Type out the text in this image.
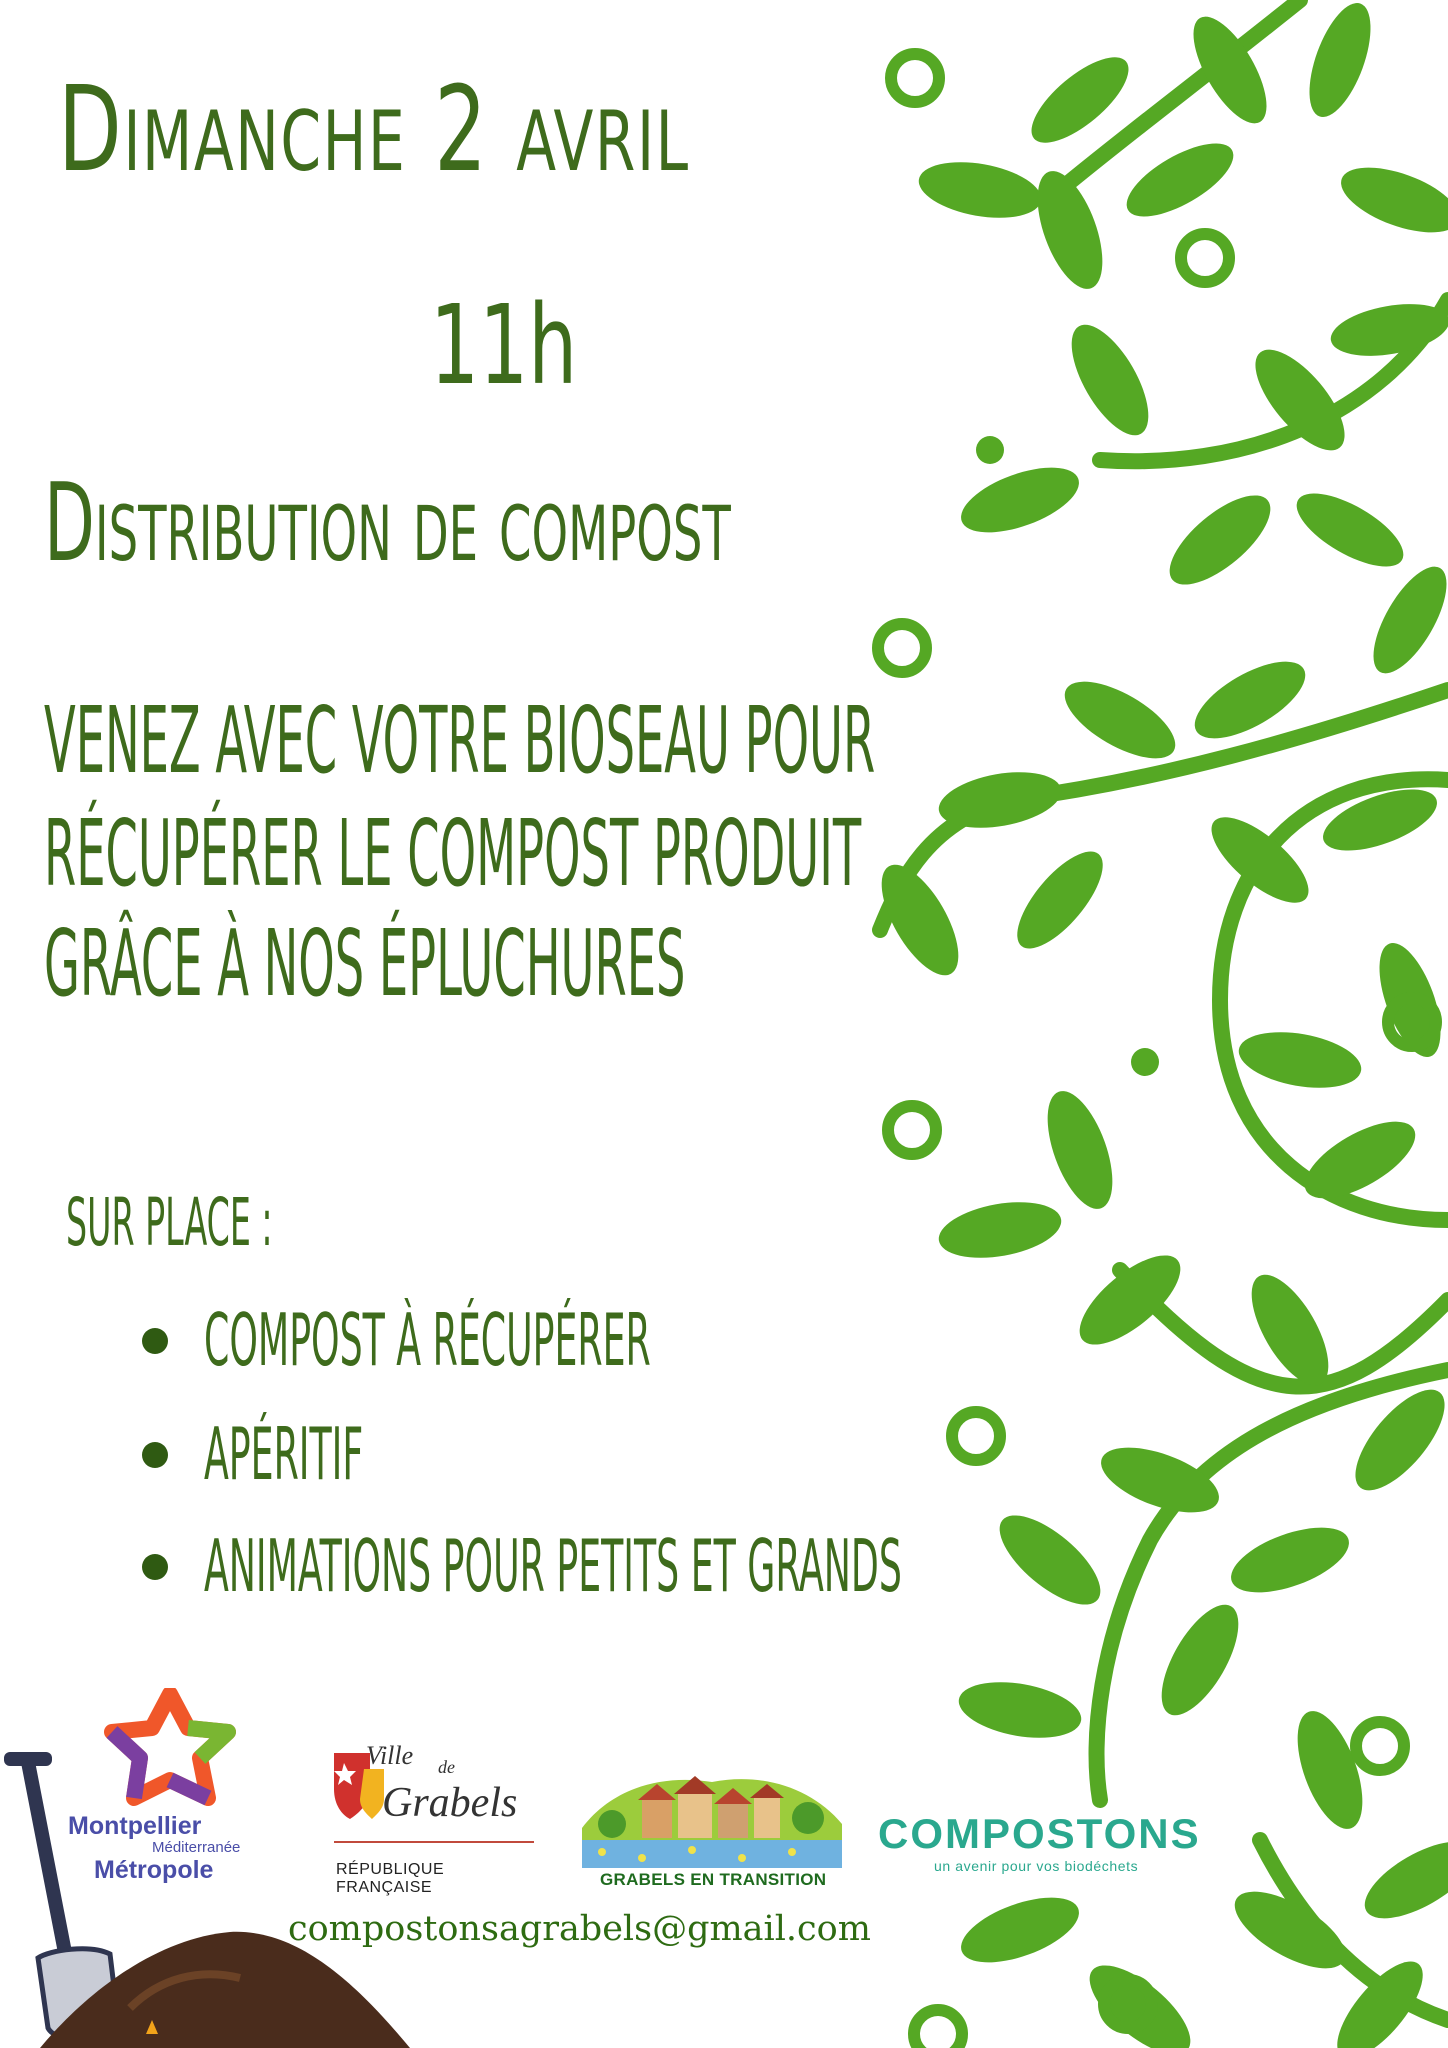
Dimanche 2 avril
11h
Distribution de compost
VENEZ AVEC VOTRE BIOSEAU POUR
RÉCUPÉRER LE COMPOST PRODUIT
GRÂCE À NOS ÉPLUCHURES
SUR PLACE :
COMPOST À RÉCUPÉRER
APÉRITIF
ANIMATIONS POUR PETITS ET GRANDS
Montpellier
Méditerranée
Métropole
Ville de
Grabels
RÉPUBLIQUE FRANÇAISE	GRABELS EN TRANSITION
COMPOSTONS
un avenir pour vos biodéchets
compostonsagrabels@gmail.com
